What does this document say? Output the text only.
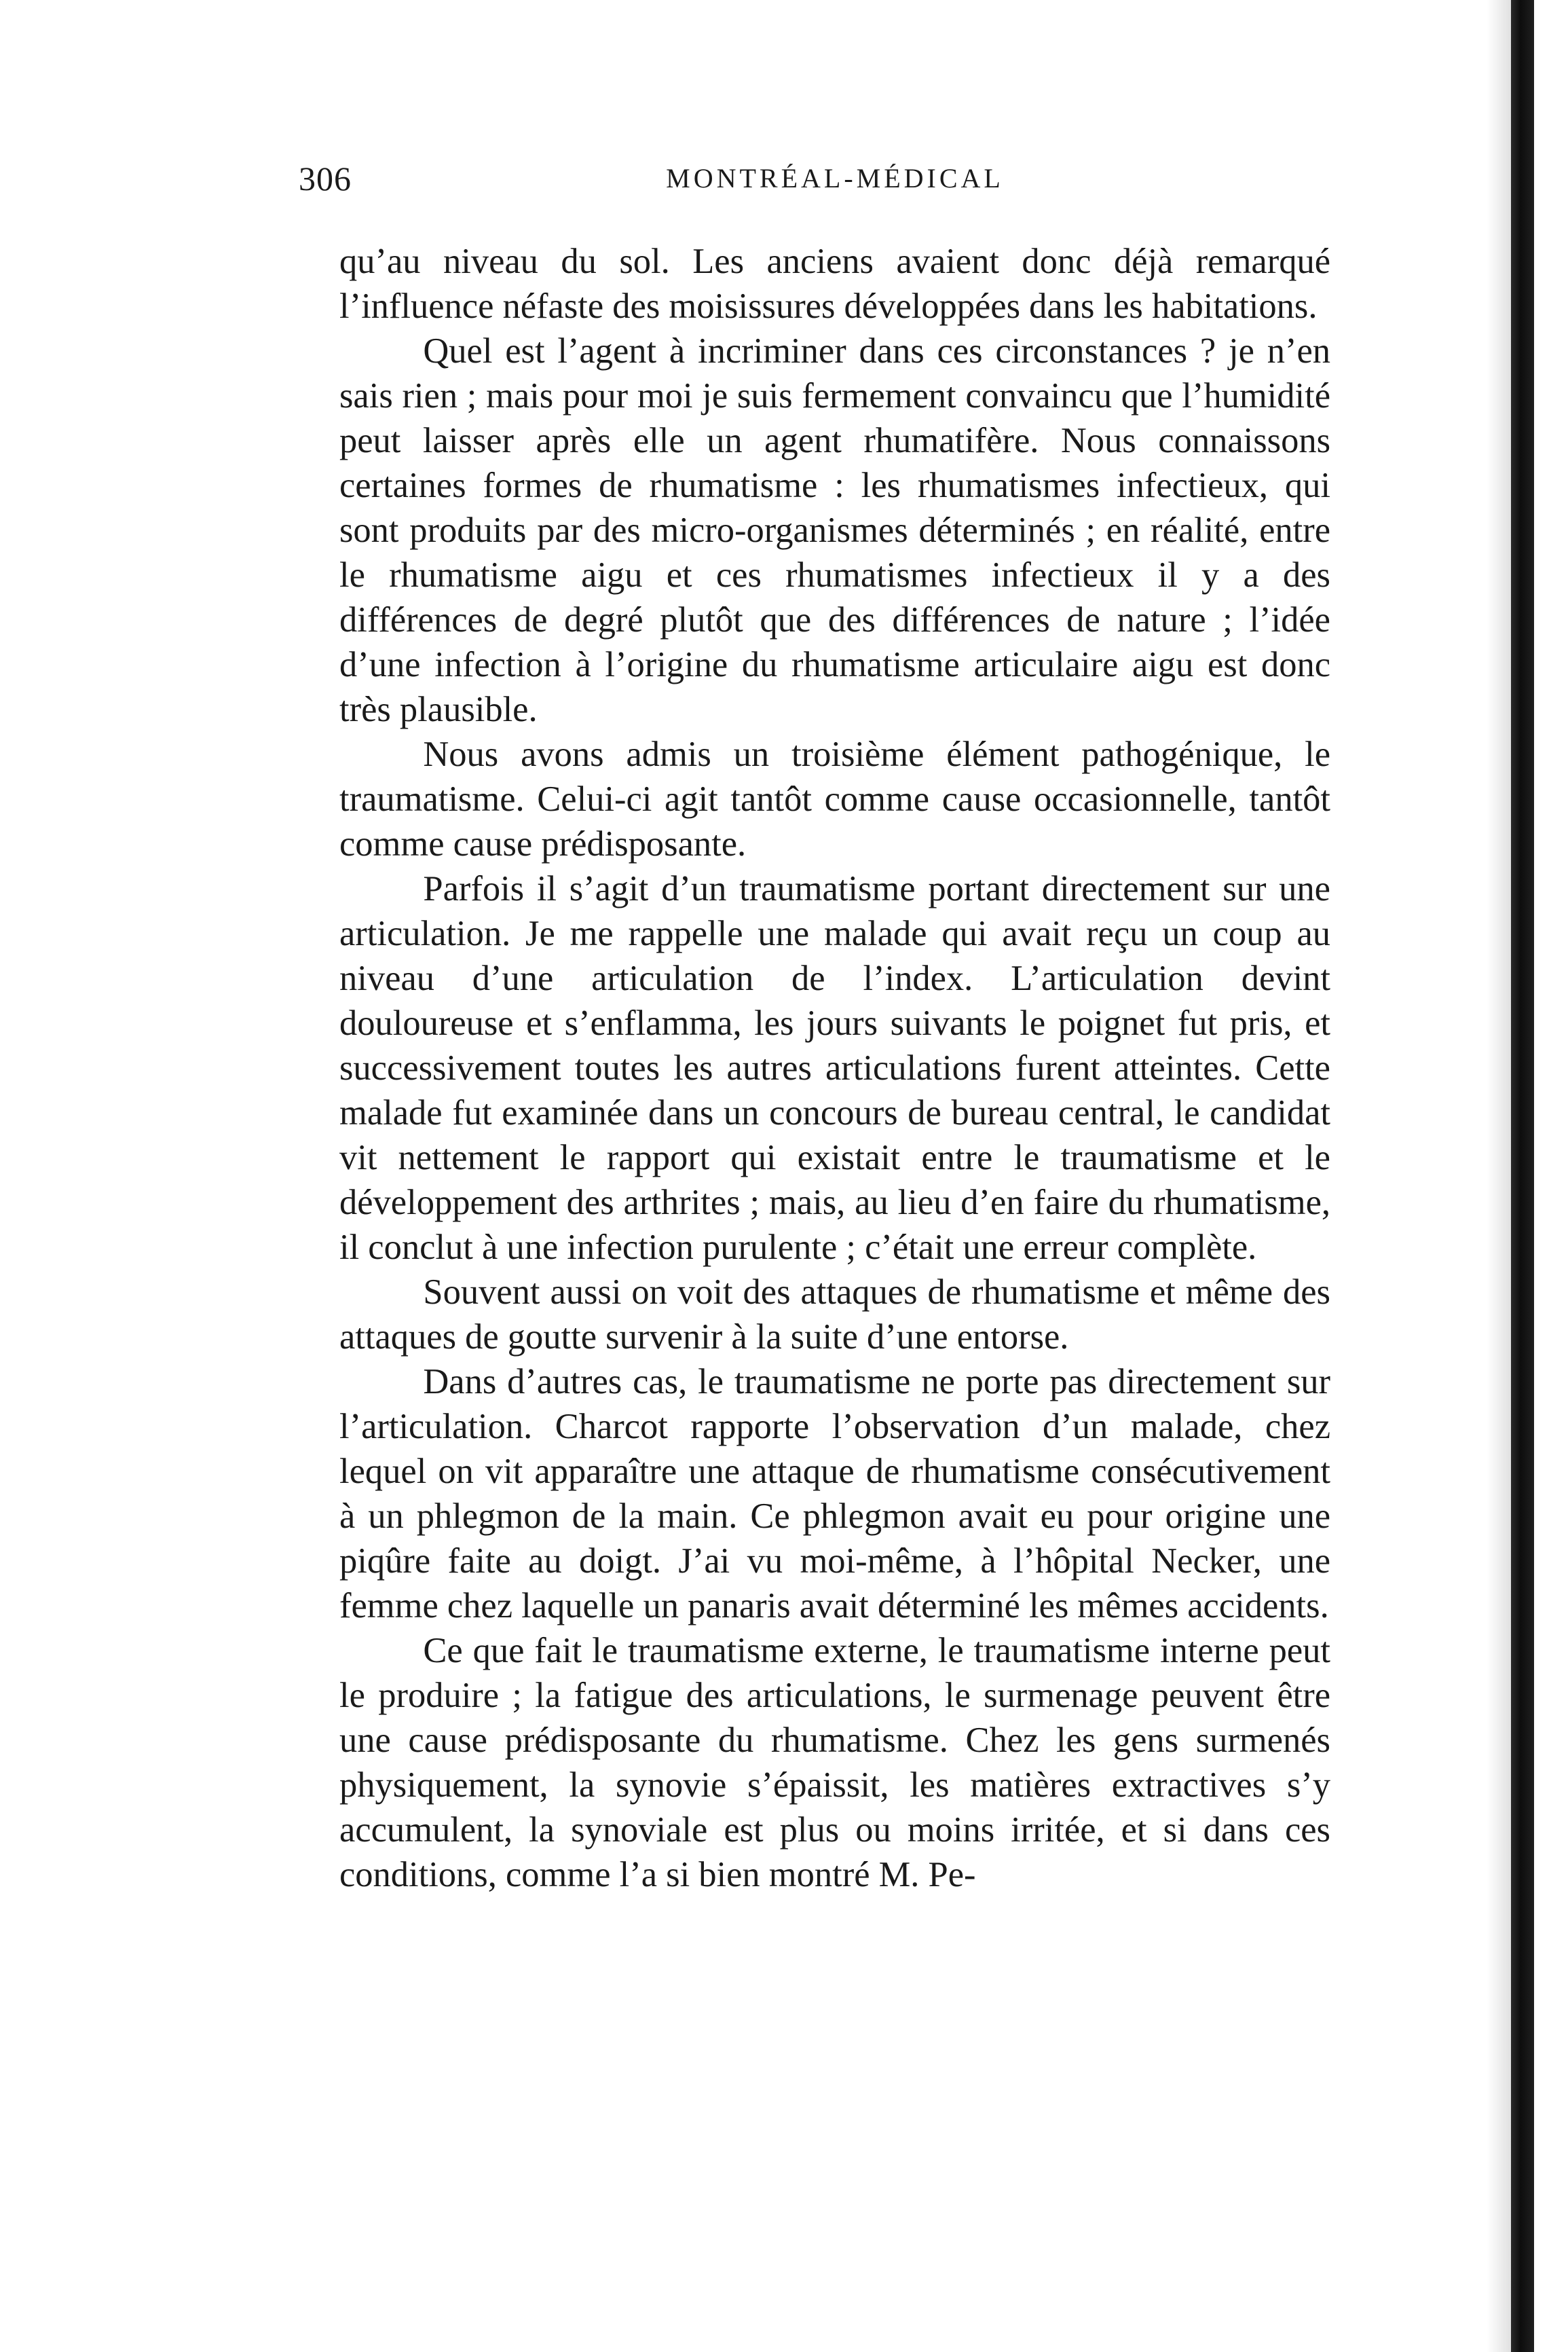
306	MONTRÉAL-MÉDICAL

qu’au niveau du sol. Les anciens avaient donc déjà remarqué l’influence néfaste des moisissures développées dans les habitations.

Quel est l’agent à incriminer dans ces circonstances ? je n’en sais rien ; mais pour moi je suis fermement convaincu que l’humidité peut laisser après elle un agent rhumatifère. Nous connaissons certaines formes de rhumatisme : les rhumatismes infectieux, qui sont produits par des micro-organismes déterminés ; en réalité, entre le rhumatisme aigu et ces rhumatismes infectieux il y a des différences de degré plutôt que des différences de nature ; l’idée d’une infection à l’origine du rhumatisme articulaire aigu est donc très plausible.

Nous avons admis un troisième élément pathogénique, le traumatisme. Celui-ci agit tantôt comme cause occasionnelle, tantôt comme cause prédisposante.

Parfois il s’agit d’un traumatisme portant directement sur une articulation. Je me rappelle une malade qui avait reçu un coup au niveau d’une articulation de l’index. L’articulation devint douloureuse et s’enflamma, les jours suivants le poignet fut pris, et successivement toutes les autres articulations furent atteintes. Cette malade fut examinée dans un concours de bureau central, le candidat vit nettement le rapport qui existait entre le traumatisme et le développement des arthrites ; mais, au lieu d’en faire du rhumatisme, il conclut à une infection purulente ; c’était une erreur complète.

Souvent aussi on voit des attaques de rhumatisme et même des attaques de goutte survenir à la suite d’une entorse.

Dans d’autres cas, le traumatisme ne porte pas directement sur l’articulation. Charcot rapporte l’observation d’un malade, chez lequel on vit apparaître une attaque de rhumatisme consécutivement à un phlegmon de la main. Ce phlegmon avait eu pour origine une piqûre faite au doigt. J’ai vu moi-même, à l’hôpital Necker, une femme chez laquelle un panaris avait déterminé les mêmes accidents.

Ce que fait le traumatisme externe, le traumatisme interne peut le produire ; la fatigue des articulations, le surmenage peuvent être une cause prédisposante du rhumatisme. Chez les gens surmenés physiquement, la synovie s’épaissit, les matières extractives s’y accumulent, la synoviale est plus ou moins irritée, et si dans ces conditions, comme l’a si bien montré M. Pe-
